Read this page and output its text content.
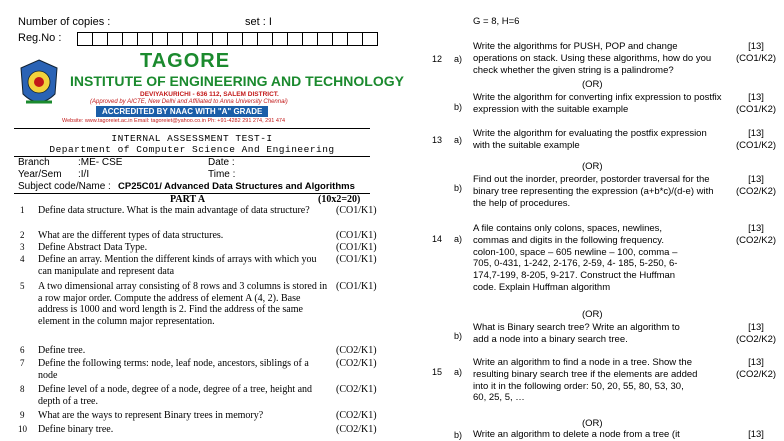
Number of copies :	set : I
Reg.No :
TAGORE
INSTITUTE OF ENGINEERING AND TECHNOLOGY
DEVIYAKURICHI - 636 112, SALEM DISTRICT.
(Approved by AICTE, New Delhi and Affiliated to Anna University Chennai)
ACCREDITED BY NAAC WITH "A" GRADE
Website: www.tagoreiet.ac.in Email: tagoreiet@yahoo.co.in Ph: +91-4282 291 274, 291 474
INTERNAL ASSESSMENT TEST-I
Department of Computer Science And Engineering
Branch	:ME- CSE	Date :
Year/Sem :I/I	Time :
Subject code/Name : CP25C01/ Advanced Data Structures and Algorithms
PART A	(10x2=20)
1 Define data structure. What is the main advantage of data structure?	(CO1/K1)
2 What are the different types of data structures.	(CO1/K1)
3 Define Abstract Data Type.	(CO1/K1)
4 Define an array. Mention the different kinds of arrays with which you can manipulate and represent data
(CO1/K1)
5 A two dimensional array consisting of 8 rows and 3 columns is stored in a row major order. Compute the address of element A (4, 2). Base address is 1000 and word length is 2. Find the address of the same element in the column major representation.
(CO1/K1)
6 Define tree.	(CO2/K1)
7 Define the following terms: node, leaf node, ancestors, siblings of a node
(CO2/K1)
8 Define level of a node, degree of a node, degree of a tree, height and depth of a tree.
(CO2/K1)
9 What are the ways to represent Binary trees in memory?	(CO2/K1)
10 Define binary tree.	(CO2/K1)
G = 8, H=6
12 a)
Write the algorithms for PUSH, POP and change operations on stack. Using these algorithms, how do you check whether the given string is a palindrome?
[13]
(CO1/K2)
(OR)
b)
Write the algorithm for converting infix expression to postfix expression with the suitable example
[13]
(CO1/K2)
13 a)
Write the algorithm for evaluating the postfix expression with the suitable example
[13]
(CO1/K2)
(OR)
b)
Find out the inorder, preorder, postorder traversal for the binary tree representing the expression (a+b*c)/(d-e) with the help of procedures.
[13]
(CO2/K2)
14 a)
A file contains only colons, spaces, newlines, commas and digits in the following frequency. colon-100, space – 605 newline – 100, comma – 705, 0-431, 1-242, 2-176, 2-59, 4- 185, 5-250, 6-174,7-199, 8-205, 9-217. Construct the Huffman code. Explain Huffman algorithm
[13]
(CO2/K2)
(OR)
b)
What is Binary search tree? Write an algorithm to add a node into a binary search tree.
[13]
(CO2/K2)
15 a)
Write an algorithm to find a node in a tree. Show the resulting binary search tree if the elements are added into it in the following order: 50, 20, 55, 80, 53, 30, 60, 25, 5, …
[13]
(CO2/K2)
(OR)
b) Write an algorithm to delete a node from a tree (it	[13]
